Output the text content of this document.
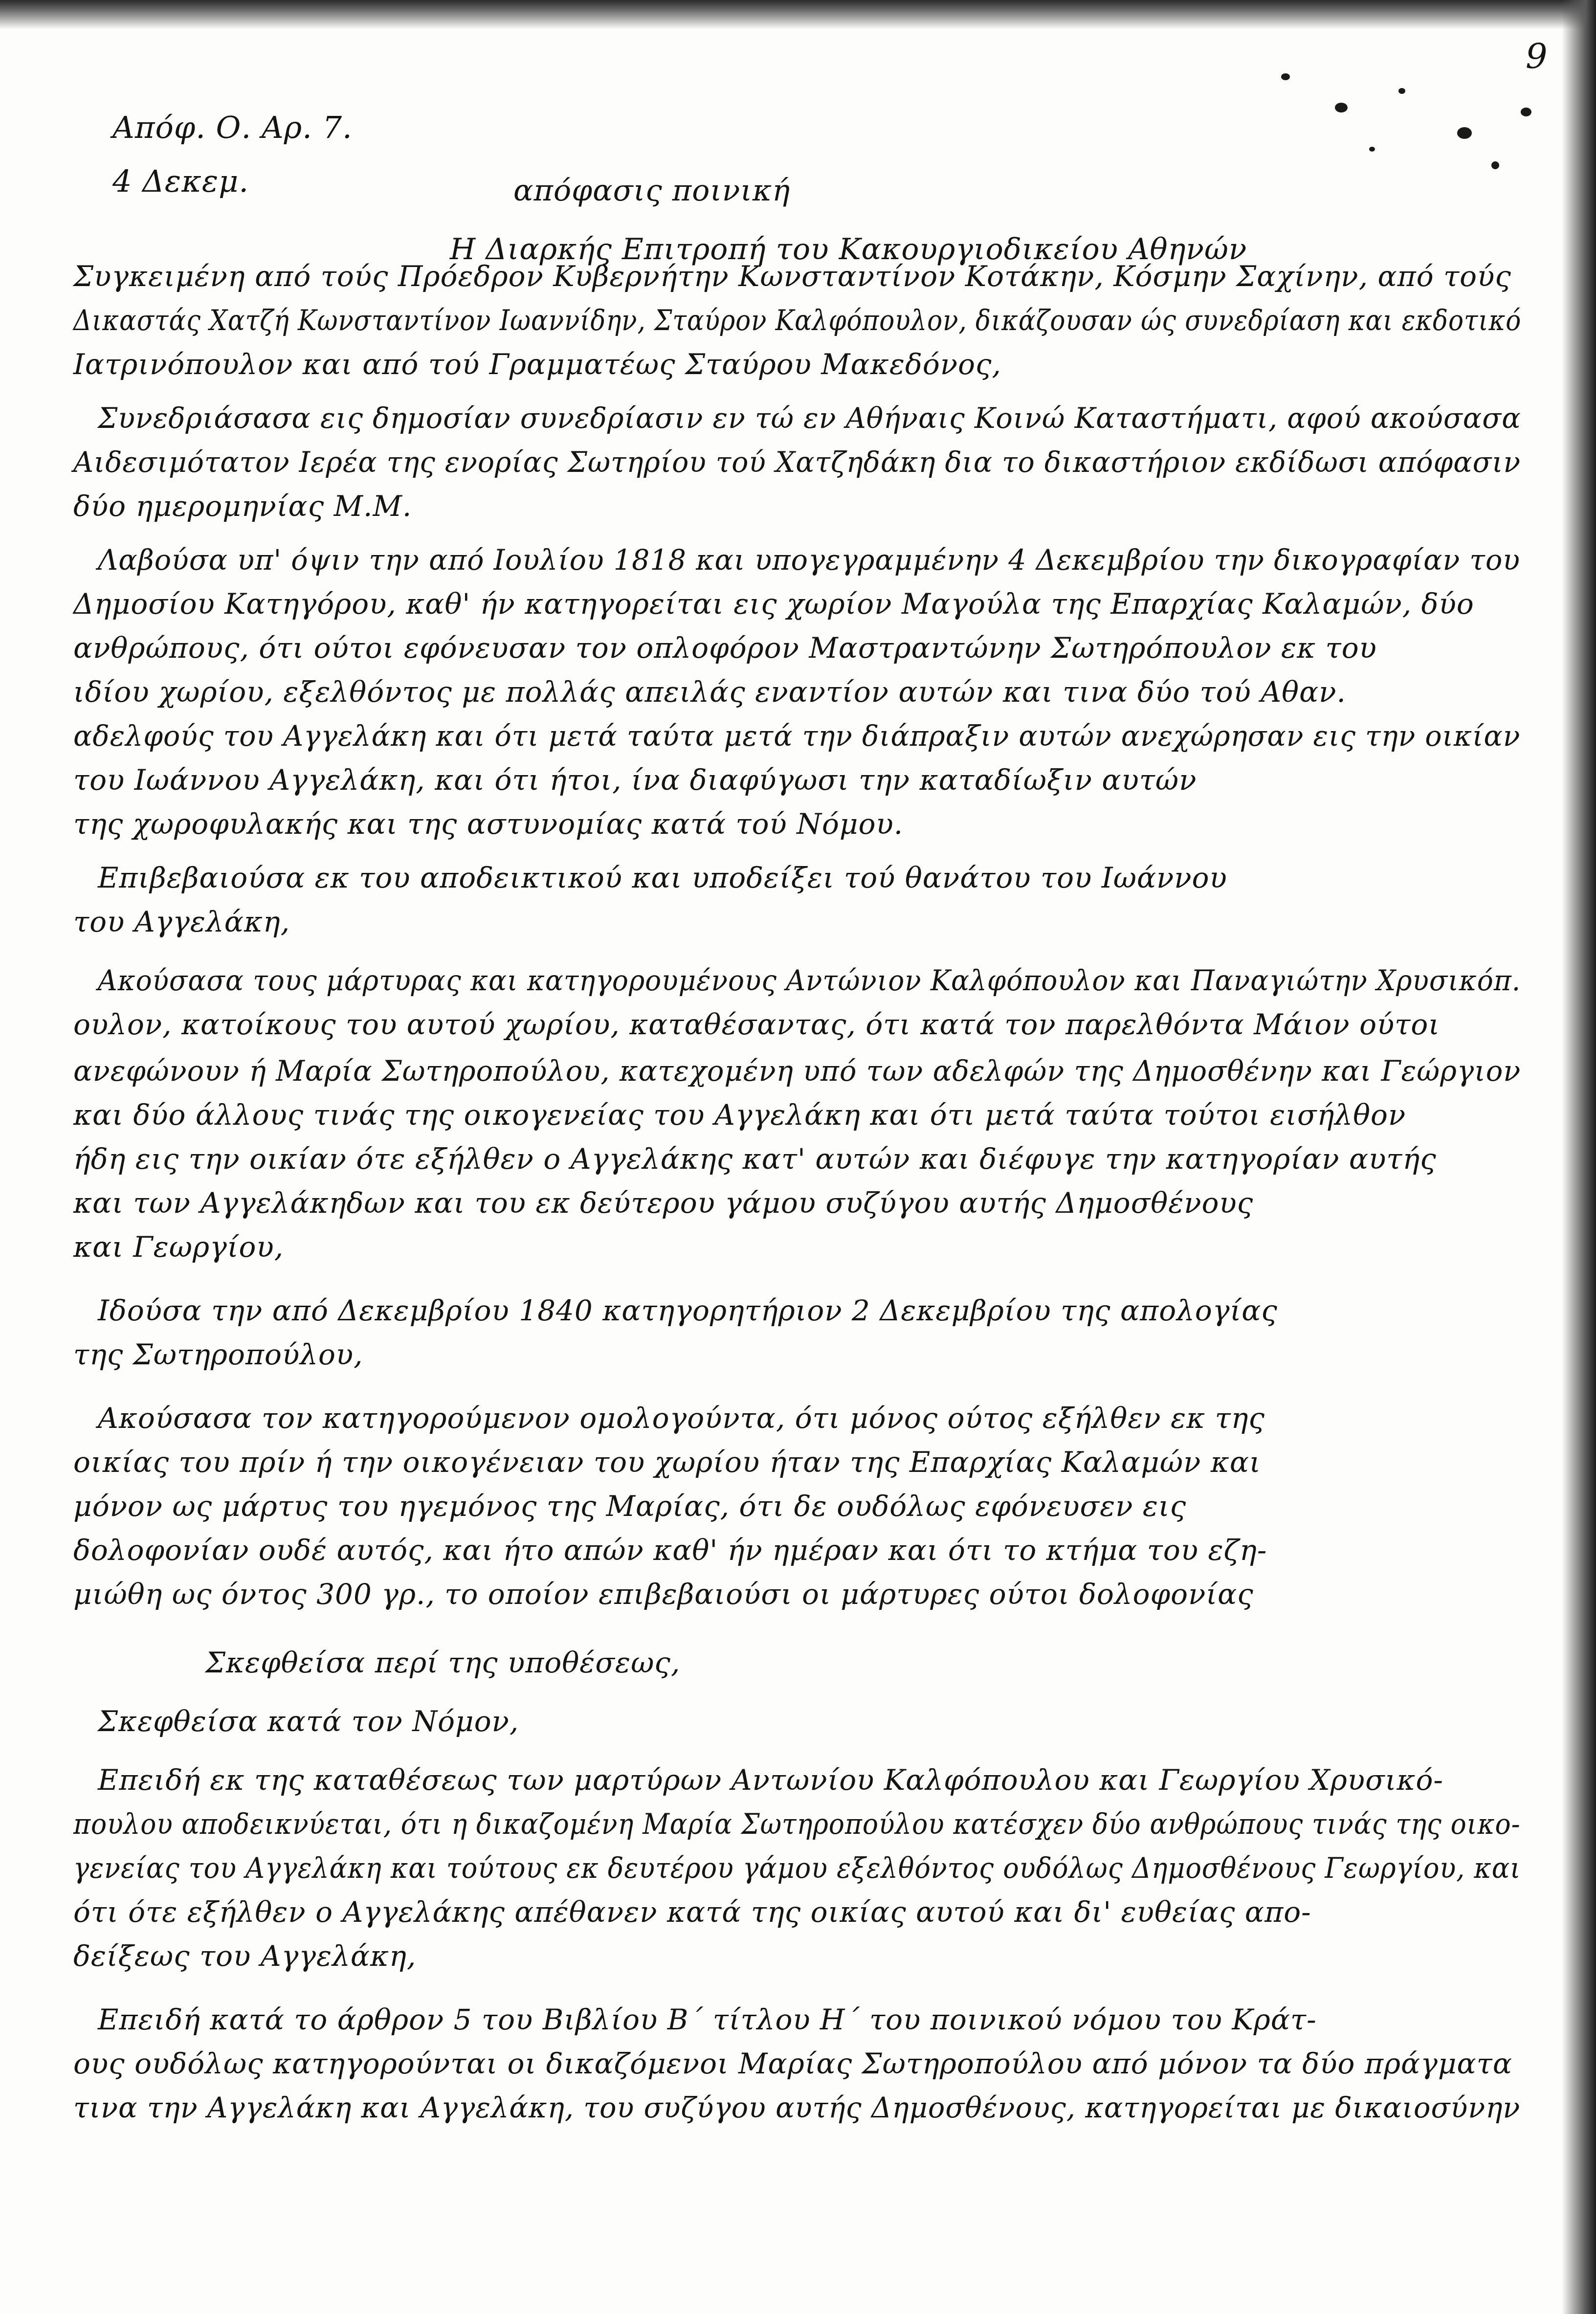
9
Απόφ. Ο. Αρ. 7.
4 Δεκεμ.	απόφασις ποινική
Η Διαρκής Επιτροπή του Κακουργιοδικείου Αθηνών
Συγκειμένη από τούς Πρόεδρον Κυβερνήτην Κωνσταντίνον Κοτάκην, Κόσμην Σαχίνην, από τούς
Δικαστάς Χατζή Κωνσταντίνον Ιωαννίδην, Σταύρον Καλφόπουλον, δικάζουσαν ώς συνεδρίαση και εκδοτικό
Ιατρινόπουλον και από τού Γραμματέως Σταύρου Μακεδόνος,
Συνεδριάσασα εις δημοσίαν συνεδρίασιν εν τώ εν Αθήναις Κοινώ Καταστήματι, αφού ακούσασα
Αιδεσιμότατον Ιερέα της ενορίας Σωτηρίου τού Χατζηδάκη δια το δικαστήριον εκδίδωσι απόφασιν
δύο ημερομηνίας Μ.Μ.
Λαβούσα υπ' όψιν την από Ιουλίου 1818 και υπογεγραμμένην 4 Δεκεμβρίου την δικογραφίαν του
Δημοσίου Κατηγόρου, καθ' ήν κατηγορείται εις χωρίον Μαγούλα της Επαρχίας Καλαμών, δύο
ανθρώπους, ότι ούτοι εφόνευσαν τον οπλοφόρον Μαστραντώνην Σωτηρόπουλον εκ του
ιδίου χωρίου, εξελθόντος με πολλάς απειλάς εναντίον αυτών και τινα δύο τού Αθαν.
αδελφούς του Αγγελάκη και ότι μετά ταύτα μετά την διάπραξιν αυτών ανεχώρησαν εις την οικίαν
του Ιωάννου Αγγελάκη, και ότι ήτοι, ίνα διαφύγωσι την καταδίωξιν αυτών
της χωροφυλακής και της αστυνομίας κατά τού Νόμου.
Επιβεβαιούσα εκ του αποδεικτικού και υποδείξει τού θανάτου του Ιωάννου
του Αγγελάκη,
Ακούσασα τους μάρτυρας και κατηγορουμένους Αντώνιον Καλφόπουλον και Παναγιώτην Χρυσικόπ.
ουλον, κατοίκους του αυτού χωρίου, καταθέσαντας, ότι κατά τον παρελθόντα Μάιον ούτοι
ανεφώνουν ή Μαρία Σωτηροπούλου, κατεχομένη υπό των αδελφών της Δημοσθένην και Γεώργιον
και δύο άλλους τινάς της οικογενείας του Αγγελάκη και ότι μετά ταύτα τούτοι εισήλθον
ήδη εις την οικίαν ότε εξήλθεν ο Αγγελάκης κατ' αυτών και διέφυγε την κατηγορίαν αυτής
και των Αγγελάκηδων και του εκ δεύτερου γάμου συζύγου αυτής Δημοσθένους
και Γεωργίου,
Ιδούσα την από Δεκεμβρίου 1840 κατηγορητήριον 2 Δεκεμβρίου της απολογίας
της Σωτηροπούλου,
Ακούσασα τον κατηγορούμενον ομολογούντα, ότι μόνος ούτος εξήλθεν εκ της
οικίας του πρίν ή την οικογένειαν του χωρίου ήταν της Επαρχίας Καλαμών και
μόνον ως μάρτυς του ηγεμόνος της Μαρίας, ότι δε ουδόλως εφόνευσεν εις
δολοφονίαν ουδέ αυτός, και ήτο απών καθ' ήν ημέραν και ότι το κτήμα του εζη-
μιώθη ως όντος 300 γρ., το οποίον επιβεβαιούσι οι μάρτυρες ούτοι δολοφονίας
Σκεφθείσα περί της υποθέσεως,
Σκεφθείσα κατά τον Νόμον,
Επειδή εκ της καταθέσεως των μαρτύρων Αντωνίου Καλφόπουλου και Γεωργίου Χρυσικό-
πουλου αποδεικνύεται, ότι η δικαζομένη Μαρία Σωτηροπούλου κατέσχεν δύο ανθρώπους τινάς της οικο-
γενείας του Αγγελάκη και τούτους εκ δευτέρου γάμου εξελθόντος ουδόλως Δημοσθένους Γεωργίου, και
ότι ότε εξήλθεν ο Αγγελάκης απέθανεν κατά της οικίας αυτού και δι' ευθείας απο-
δείξεως του Αγγελάκη,
Επειδή κατά το άρθρον 5 του Βιβλίου Β΄ τίτλου Η΄ του ποινικού νόμου του Κράτ-
ους ουδόλως κατηγορούνται οι δικαζόμενοι Μαρίας Σωτηροπούλου από μόνον τα δύο πράγματα
τινα την Αγγελάκη και Αγγελάκη, του συζύγου αυτής Δημοσθένους, κατηγορείται με δικαιοσύνην
